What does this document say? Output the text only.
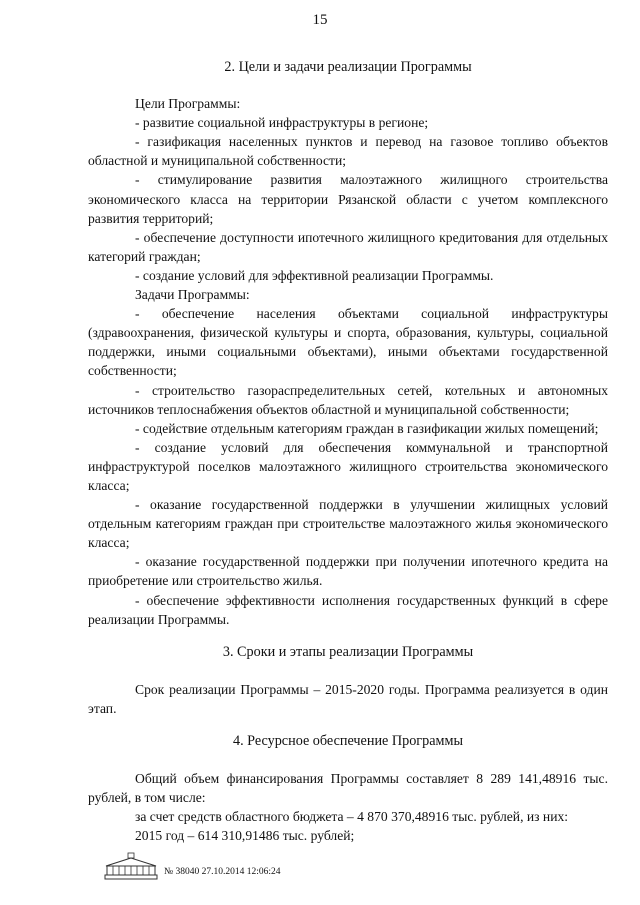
15

2. Цели и задачи реализации Программы

Цели Программы:

- развитие социальной инфраструктуры в регионе;

- газификация населенных пунктов и перевод на газовое топливо объектов областной и муниципальной собственности;

- стимулирование развития малоэтажного жилищного строительства экономического класса на территории Рязанской области с учетом комплексного развития территорий;

- обеспечение доступности ипотечного жилищного кредитования для отдельных категорий граждан;

- создание условий для эффективной реализации Программы.

Задачи Программы:

- обеспечение населения объектами социальной инфраструктуры (здравоохранения, физической культуры и спорта, образования, культуры, социальной поддержки, иными социальными объектами), иными объектами государственной собственности;

- строительство газораспределительных сетей, котельных и автономных источников теплоснабжения объектов областной и муниципальной собственности;

- содействие отдельным категориям граждан в газификации жилых помещений;

- создание условий для обеспечения коммунальной и транспортной инфраструктурой поселков малоэтажного жилищного строительства экономического класса;

- оказание государственной поддержки в улучшении жилищных условий отдельным категориям граждан при строительстве малоэтажного жилья экономического класса;

- оказание государственной поддержки при получении ипотечного кредита на приобретение или строительство жилья.

- обеспечение эффективности исполнения государственных функций в сфере реализации Программы.

3. Сроки и этапы реализации Программы

Срок реализации Программы – 2015-2020 годы. Программа реализуется в один этап.

4. Ресурсное обеспечение Программы

Общий объем финансирования Программы составляет 8 289 141,48916 тыс. рублей, в том числе:

за счет средств областного бюджета – 4 870 370,48916 тыс. рублей, из них:

2015 год – 614 310,91486 тыс. рублей;

№ 38040 27.10.2014 12:06:24
